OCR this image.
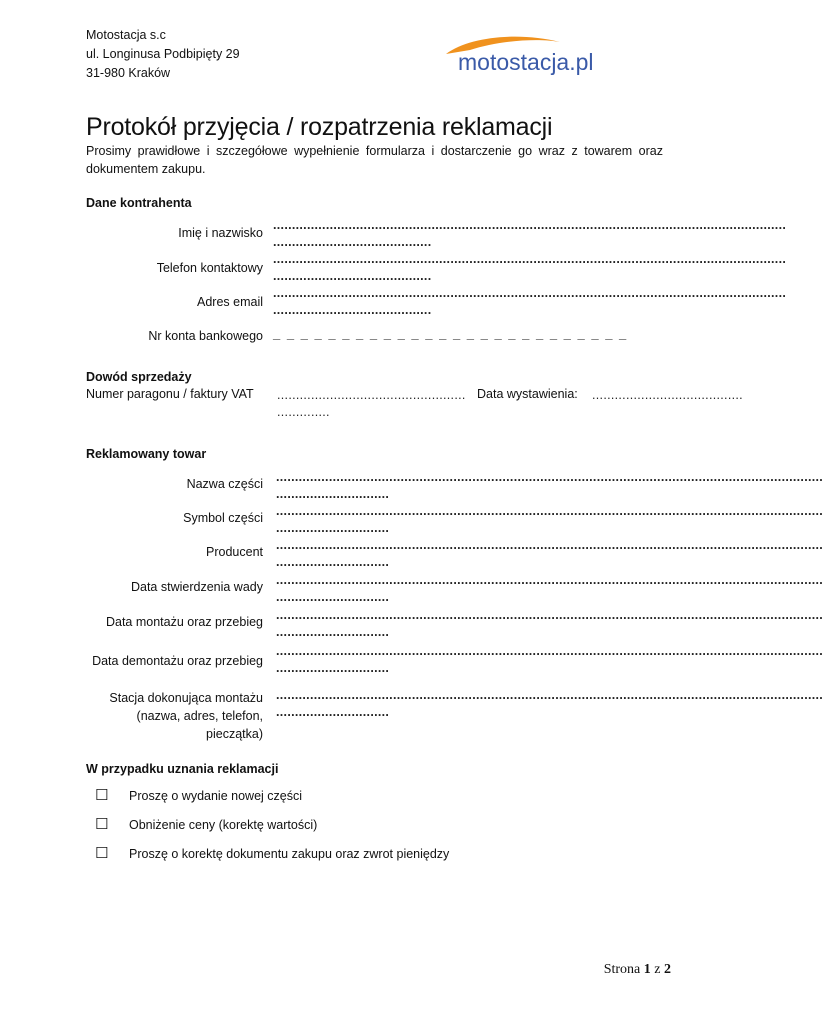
Motostacja s.c
ul. Longinusa Podbipięty 29
31-980 Kraków	motostacja.pl
Protokół przyjęcia / rozpatrzenia reklamacji
Prosimy prawidłowe i szczegółowe wypełnienie formularza i dostarczenie go wraz z towarem oraz dokumentem zakupu.
Dane kontrahenta
Imię i nazwisko
........................................................................................................................................
..........................................
Telefon kontaktowy
........................................................................................................................................
..........................................
Adres email
........................................................................................................................................
..........................................
Nr konta bankowego _ _ _ _ _ _ _ _ _ _ _ _ _ _ _ _ _ _ _ _ _ _ _ _ _ _
Dowód sprzedaży
Numer paragonu / faktury VAT ..................................................
..............
Data wystawienia: ........................................
Reklamowany towar
Nazwa części .................................................................................................................................................
..............................
Symbol części .................................................................................................................................................
..............................
Producent .................................................................................................................................................
..............................
Data stwierdzenia wady .................................................................................................................................................
..............................
Data montażu oraz przebieg .................................................................................................................................................
..............................
Data demontażu oraz przebieg
.................................................................................................................................................
..............................
Stacja dokonująca montażu
(nazwa, adres, telefon,
pieczątka)
.................................................................................................................................................
..............................
W przypadku uznania reklamacji
☐ Proszę o wydanie nowej części
☐ Obniżenie ceny (korektę wartości)
☐ Proszę o korektę dokumentu zakupu oraz zwrot pieniędzy
Strona 1 z 2
